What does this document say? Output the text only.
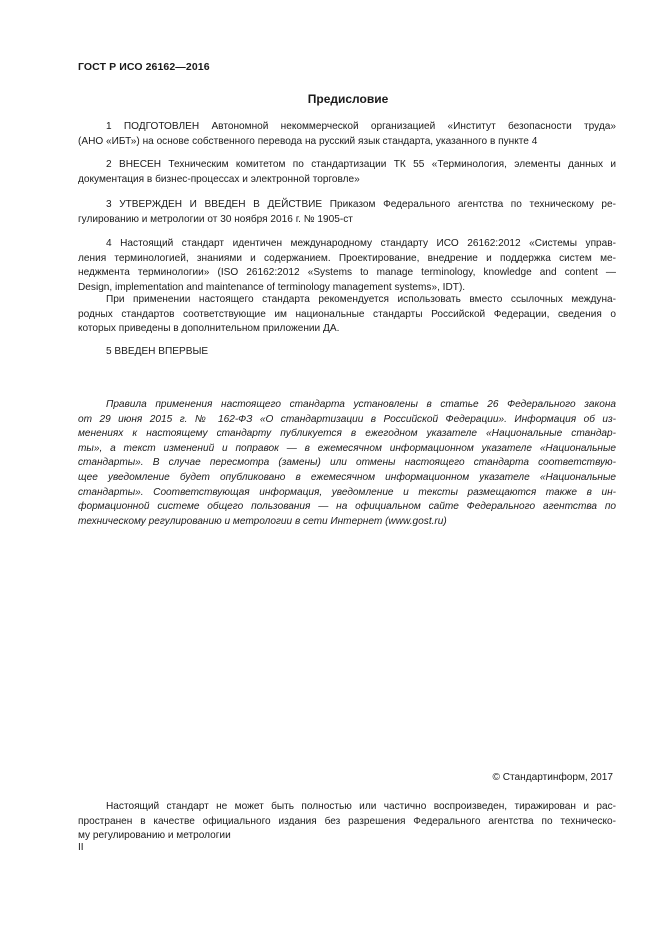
ГОСТ Р ИСО 26162—2016
Предисловие
1 ПОДГОТОВЛЕН Автономной некоммерческой организацией «Институт безопасности труда»
(АНО «ИБТ») на основе собственного перевода на русский язык стандарта, указанного в пункте 4
2 ВНЕСЕН Техническим комитетом по стандартизации ТК 55 «Терминология, элементы данных и
документация в бизнес-процессах и электронной торговле»
3 УТВЕРЖДЕН И ВВЕДЕН В ДЕЙСТВИЕ Приказом Федерального агентства по техническому ре-
гулированию и метрологии от 30 ноября 2016 г. № 1905-ст
4 Настоящий стандарт идентичен международному стандарту ИСО 26162:2012 «Системы управ-
ления терминологией, знаниями и содержанием. Проектирование, внедрение и поддержка систем ме-
неджмента терминологии» (ISO 26162:2012 «Systems to manage terminology, knowledge and content —
Design, implementation and maintenance of terminology management systems», IDT).
При применении настоящего стандарта рекомендуется использовать вместо ссылочных междуна-
родных стандартов соответствующие им национальные стандарты Российской Федерации, сведения о
которых приведены в дополнительном приложении ДА.
5 ВВЕДЕН ВПЕРВЫЕ
Правила применения настоящего стандарта установлены в статье 26 Федерального закона
от 29 июня 2015 г. № 162-ФЗ «О стандартизации в Российской Федерации». Информация об из-
менениях к настоящему стандарту публикуется в ежегодном указателе «Национальные стандар-
ты», а текст изменений и поправок — в ежемесячном информационном указателе «Национальные
стандарты». В случае пересмотра (замены) или отмены настоящего стандарта соответствую-
щее уведомление будет опубликовано в ежемесячном информационном указателе «Национальные
стандарты». Соответствующая информация, уведомление и тексты размещаются также в ин-
формационной системе общего пользования — на официальном сайте Федерального агентства по
техническому регулированию и метрологии в сети Интернет (www.gost.ru)
© Стандартинформ, 2017
Настоящий стандарт не может быть полностью или частично воспроизведен, тиражирован и рас-
пространен в качестве официального издания без разрешения Федерального агентства по техническо-
му регулированию и метрологии
II
